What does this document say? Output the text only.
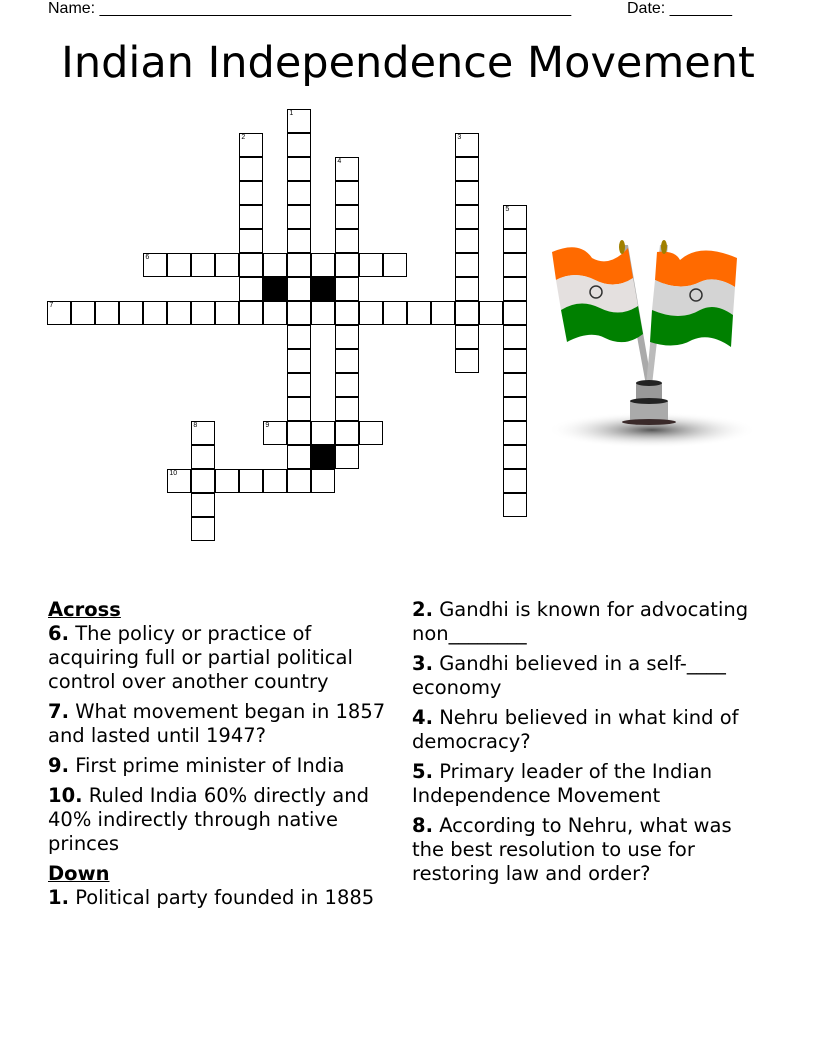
Name: _____________________________________________________	Date: _______
Indian Independence Movement
1
2	3
4
5
6
7
8	9
10
Across
6. The policy or practice of acquiring full or partial political control over another country
7. What movement began in 1857 and lasted until 1947?
9. First prime minister of India
10. Ruled India 60% directly and 40% indirectly through native princes
Down
1. Political party founded in 1885
2. Gandhi is known for advocating non________
3. Gandhi believed in a self-____ economy
4. Nehru believed in what kind of democracy?
5. Primary leader of the Indian Independence Movement
8. According to Nehru, what was the best resolution to use for restoring law and order?
